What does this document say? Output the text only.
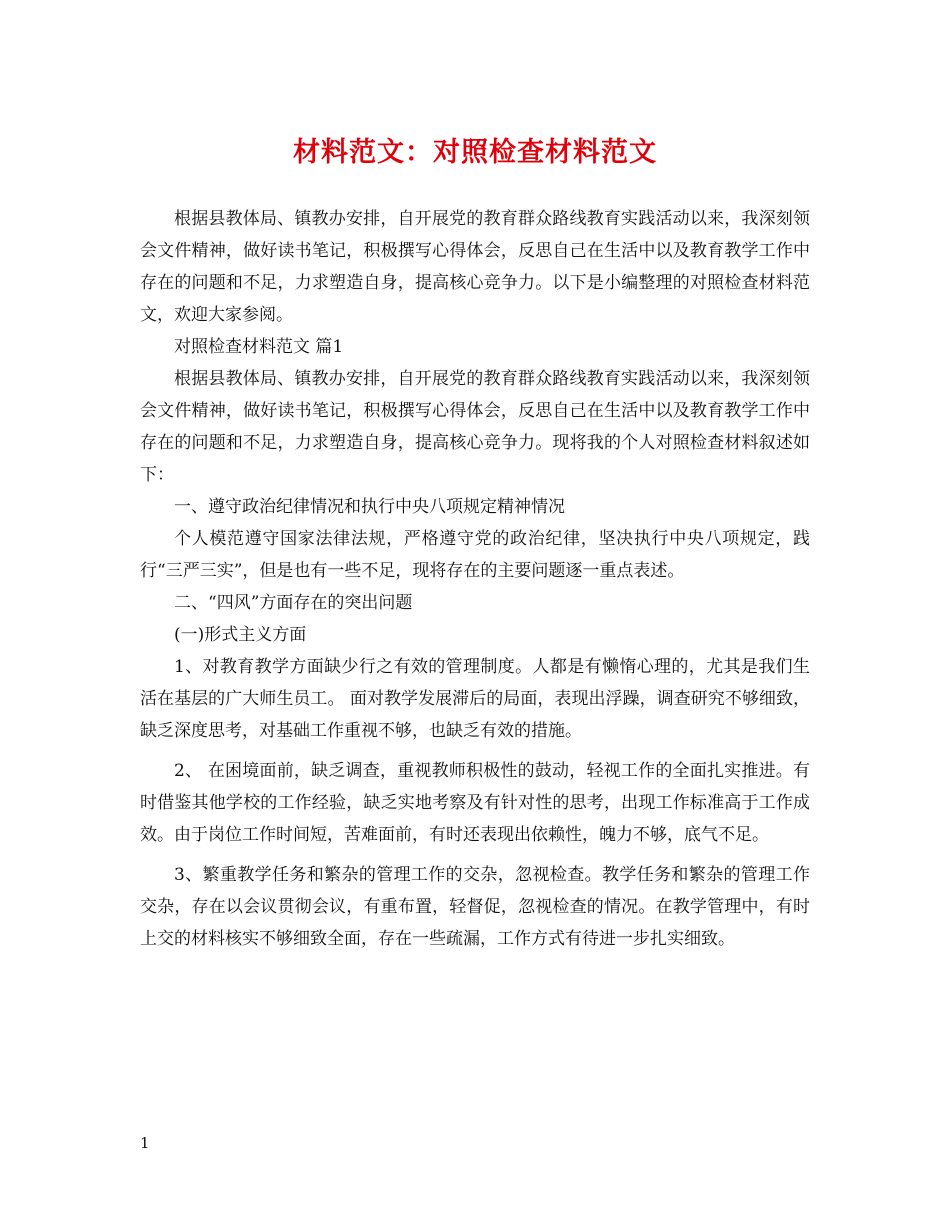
材料范文：对照检查材料范文

根据县教体局、镇教办安排，自开展党的教育群众路线教育实践活动以来，我深刻领会文件精神，做好读书笔记，积极撰写心得体会，反思自己在生活中以及教育教学工作中存在的问题和不足，力求塑造自身，提高核心竞争力。以下是小编整理的对照检查材料范文，欢迎大家参阅。

对照检查材料范文 篇1

根据县教体局、镇教办安排，自开展党的教育群众路线教育实践活动以来，我深刻领会文件精神，做好读书笔记，积极撰写心得体会，反思自己在生活中以及教育教学工作中存在的问题和不足，力求塑造自身，提高核心竞争力。现将我的个人对照检查材料叙述如下：

一、遵守政治纪律情况和执行中央八项规定精神情况

个人模范遵守国家法律法规，严格遵守党的政治纪律，坚决执行中央八项规定，践行“三严三实”，但是也有一些不足，现将存在的主要问题逐一重点表述。

二、“四风”方面存在的突出问题

(一)形式主义方面

1、对教育教学方面缺少行之有效的管理制度。人都是有懒惰心理的，尤其是我们生活在基层的广大师生员工。 面对教学发展滞后的局面，表现出浮躁，调查研究不够细致，缺乏深度思考，对基础工作重视不够，也缺乏有效的措施。

2、 在困境面前，缺乏调查，重视教师积极性的鼓动，轻视工作的全面扎实推进。有时借鉴其他学校的工作经验，缺乏实地考察及有针对性的思考，出现工作标准高于工作成效。由于岗位工作时间短，苦难面前，有时还表现出依赖性，魄力不够，底气不足。

3、繁重教学任务和繁杂的管理工作的交杂，忽视检查。教学任务和繁杂的管理工作交杂，存在以会议贯彻会议，有重布置，轻督促，忽视检查的情况。在教学管理中，有时上交的材料核实不够细致全面，存在一些疏漏，工作方式有待进一步扎实细致。

1
